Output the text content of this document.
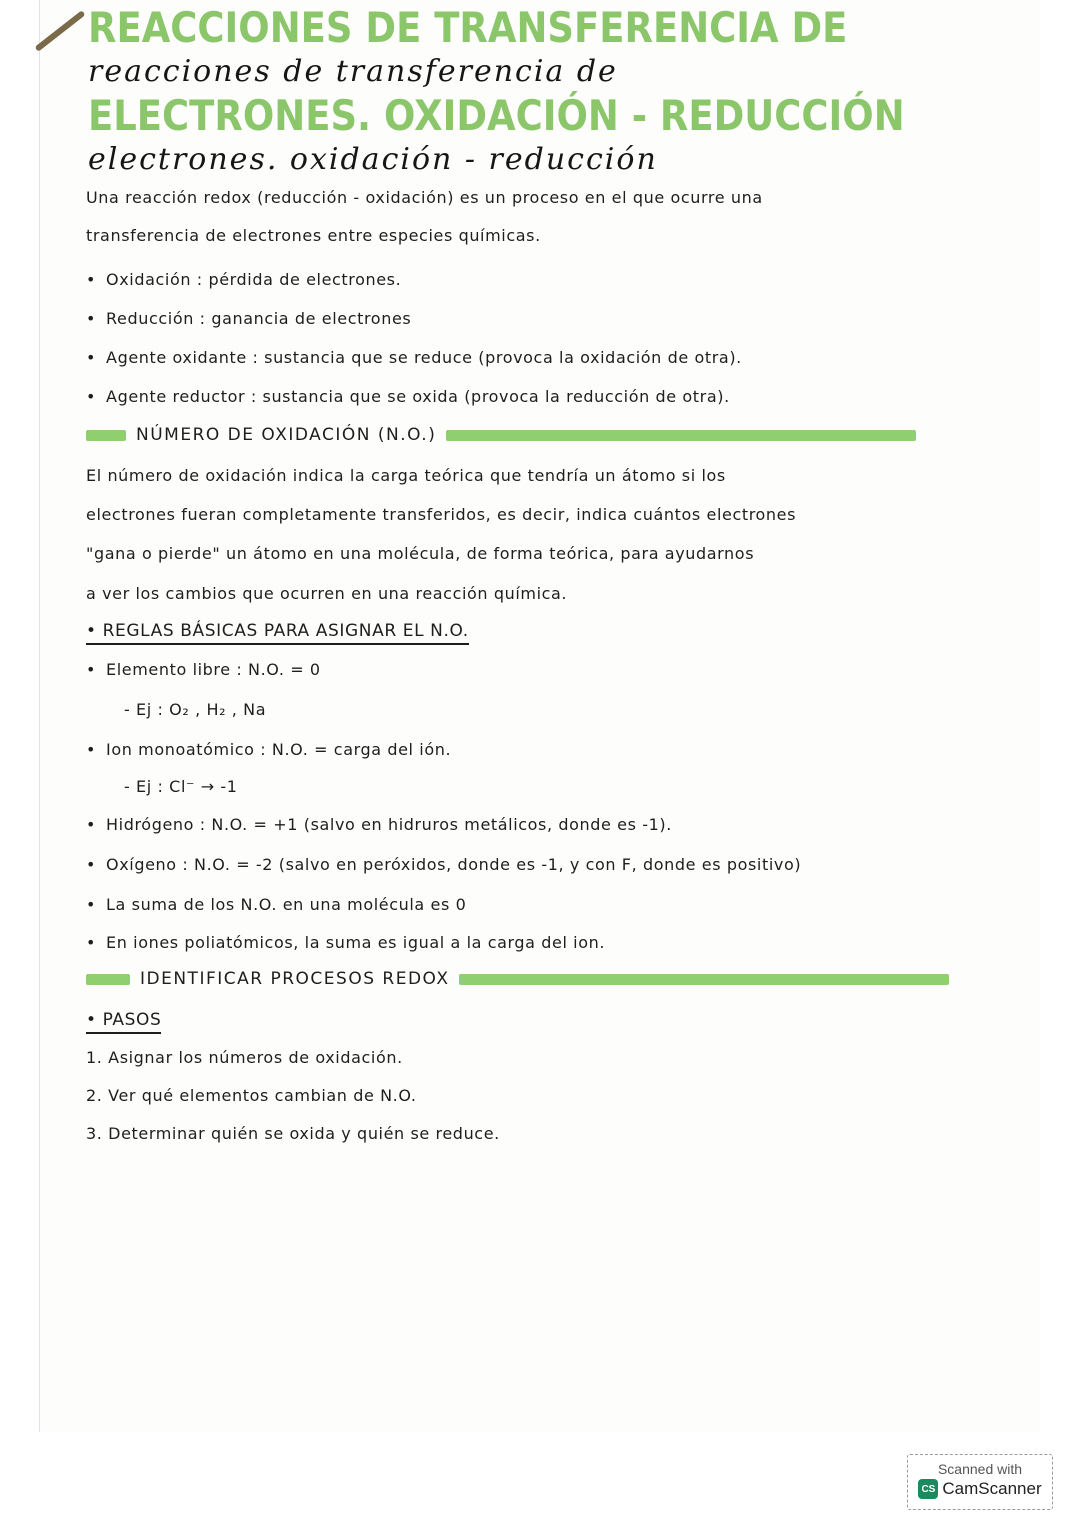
REACCIONES DE TRANSFERENCIA DE
reacciones de transferencia de
ELECTRONES. OXIDACIÓN - REDUCCIÓN
electrones. oxidación - reducción
Una reacción redox (reducción - oxidación) es un proceso en el que ocurre una
transferencia de electrones entre especies químicas.
• Oxidación : pérdida de electrones.
• Reducción : ganancia de electrones
• Agente oxidante : sustancia que se reduce (provoca la oxidación de otra).
• Agente reductor : sustancia que se oxida (provoca la reducción de otra).
NÚMERO DE OXIDACIÓN (N.O.)
El número de oxidación indica la carga teórica que tendría un átomo si los
electrones fueran completamente transferidos, es decir, indica cuántos electrones
"gana o pierde" un átomo en una molécula, de forma teórica, para ayudarnos
a ver los cambios que ocurren en una reacción química.
• REGLAS BÁSICAS PARA ASIGNAR EL N.O.
• Elemento libre : N.O. = 0
- Ej : O₂ , H₂ , Na
• Ion monoatómico : N.O. = carga del ión.
- Ej : Cl⁻ → -1
• Hidrógeno : N.O. = +1 (salvo en hidruros metálicos, donde es -1).
• Oxígeno : N.O. = -2 (salvo en peróxidos, donde es -1, y con F, donde es positivo)
• La suma de los N.O. en una molécula es 0
• En iones poliatómicos, la suma es igual a la carga del ion.
IDENTIFICAR PROCESOS REDOX
• PASOS
1. Asignar los números de oxidación.
2. Ver qué elementos cambian de N.O.
3. Determinar quién se oxida y quién se reduce.
Scanned with
CS CamScanner
